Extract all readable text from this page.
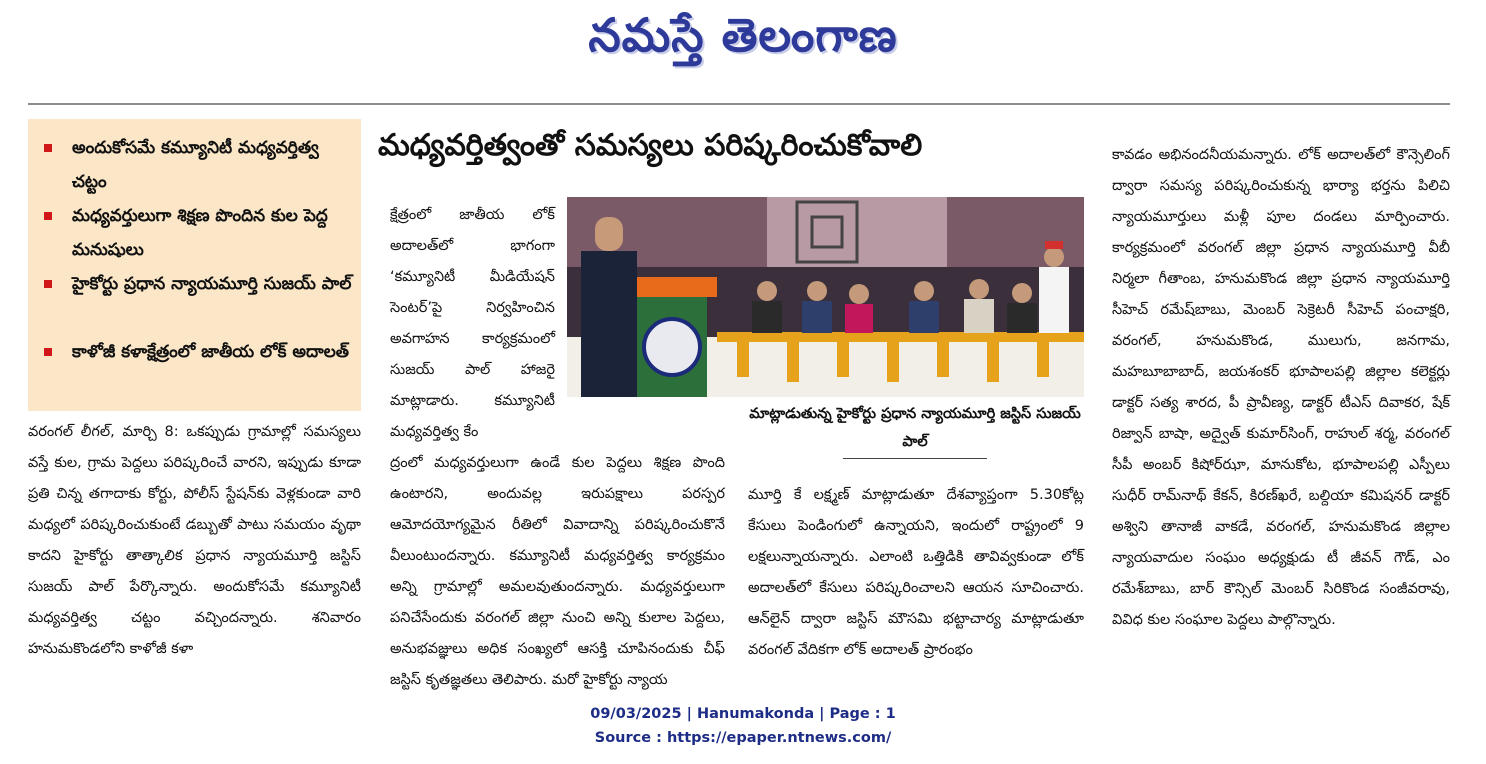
నమస్తే తెలంగాణ
అందుకోసమే కమ్యూనిటీ మధ్యవర్తిత్వ చట్టం
మధ్యవర్తులుగా శిక్షణ పొందిన కుల పెద్ద మనుషులు
హైకోర్టు ప్రధాన న్యాయమూర్తి సుజయ్ పాల్
కాళోజీ కళాక్షేత్రంలో జాతీయ లోక్ అదాలత్
మధ్యవర్తిత్వంతో సమస్యలు పరిష్కరించుకోవాలి

వరంగల్ లీగల్, మార్చి 8: ఒకప్పుడు గ్రామాల్లో సమస్యలు వస్తే కుల, గ్రామ పెద్దలు పరిష్కరించే వారని, ఇప్పుడు కూడా ప్రతి చిన్న తగాదాకు కోర్టు, పోలీస్ స్టేషన్‌కు వెళ్లకుండా వారి మధ్యలో పరిష్కరించుకుంటే డబ్బుతో పాటు సమయం వృథా కాదని హైకోర్టు తాత్కాలిక ప్రధాన న్యాయమూర్తి జస్టిస్ సుజయ్ పాల్ పేర్కొన్నారు. అందుకోసమే కమ్యూనిటీ మధ్యవర్తిత్వ చట్టం వచ్చిందన్నారు. శనివారం హనుమకొండలోని కాళోజీ కళా

క్షేత్రంలో జాతీయ లోక్ అదాలత్‌లో భాగంగా ‘కమ్యూనిటీ మీడియేషన్ సెంటర్’పై నిర్వహించిన అవగాహన కార్యక్రమంలో సుజయ్ పాల్ హాజరై మాట్లాడారు. కమ్యూనిటీ మధ్యవర్తిత్వ కేం

ద్రంలో మధ్యవర్తులుగా ఉండే కుల పెద్దలు శిక్షణ పొంది ఉంటారని, అందువల్ల ఇరుపక్షాలు పరస్పర ఆమోదయోగ్యమైన రీతిలో వివాదాన్ని పరిష్కరించుకొనే వీలుంటుందన్నారు. కమ్యూనిటీ మధ్యవర్తిత్వ కార్యక్రమం అన్ని గ్రామాల్లో అమలవుతుందన్నారు. మధ్యవర్తులుగా పనిచేసేందుకు వరంగల్ జిల్లా నుంచి అన్ని కులాల పెద్దలు, అనుభవజ్ఞులు అధిక సంఖ్యలో ఆసక్తి చూపినందుకు చీఫ్ జస్టిస్ కృతజ్ఞతలు తెలిపారు. మరో హైకోర్టు న్యాయ

మాట్లాడుతున్న హైకోర్టు ప్రధాన న్యాయమూర్తి జస్టిస్ సుజయ్ పాల్

మూర్తి కే లక్ష్మణ్ మాట్లాడుతూ దేశవ్యాప్తంగా 5.30కోట్ల కేసులు పెండింగులో ఉన్నాయని, ఇందులో రాష్ట్రంలో 9 లక్షలున్నాయన్నారు. ఎలాంటి ఒత్తిడికి తావివ్వకుండా లోక్ అదాలత్‌లో కేసులు పరిష్కరించాలని ఆయన సూచించారు. ఆన్‌లైన్ ద్వారా జస్టిస్ మౌసమి భట్టాచార్య మాట్లాడుతూ వరంగల్ వేదికగా లోక్ అదాలత్ ప్రారంభం

కావడం అభినందనీయమన్నారు. లోక్ అదాలత్‌లో కౌన్సెలింగ్ ద్వారా సమస్య పరిష్కరించుకున్న భార్యా భర్తను పిలిచి న్యాయమూర్తులు మళ్లీ పూల దండలు మార్పించారు. కార్యక్రమంలో వరంగల్ జిల్లా ప్రధాన న్యాయమూర్తి వీబీ నిర్మలా గీతాంబ, హనుమకొండ జిల్లా ప్రధాన న్యాయమూర్తి సీహెచ్ రమేష్‌బాబు, మెంబర్ సెక్రెటరీ సీహెచ్ పంచాక్షరి, వరంగల్, హనుమకొండ, ములుగు, జనగామ, మహబూబాబాద్, జయశంకర్ భూపాలపల్లి జిల్లాల కలెక్టర్లు డాక్టర్ సత్య శారద, పీ ప్రావీణ్య, డాక్టర్ టీఎస్ దివాకర, షేక్ రిజ్వాన్ బాషా, అద్వైత్ కుమార్‌సింగ్, రాహుల్ శర్మ, వరంగల్ సీపీ అంబర్ కిషోర్‌ఝా, మానుకోట, భూపాలపల్లి ఎస్పీలు సుధీర్ రామ్‌నాథ్ కేకన్, కిరణ్‌ఖరే, బల్దియా కమిషనర్ డాక్టర్ అశ్విని తానాజీ వాకడే, వరంగల్, హనుమకొండ జిల్లాల న్యాయవాదుల సంఘం అధ్యక్షుడు టీ జీవన్ గౌడ్, ఎం రమేశ్‌బాబు, బార్ కౌన్సిల్ మెంబర్ సిరికొండ సంజీవరావు, వివిధ కుల సంఘాల పెద్దలు పాల్గొన్నారు.

09/03/2025 | Hanumakonda | Page : 1
Source : https://epaper.ntnews.com/
